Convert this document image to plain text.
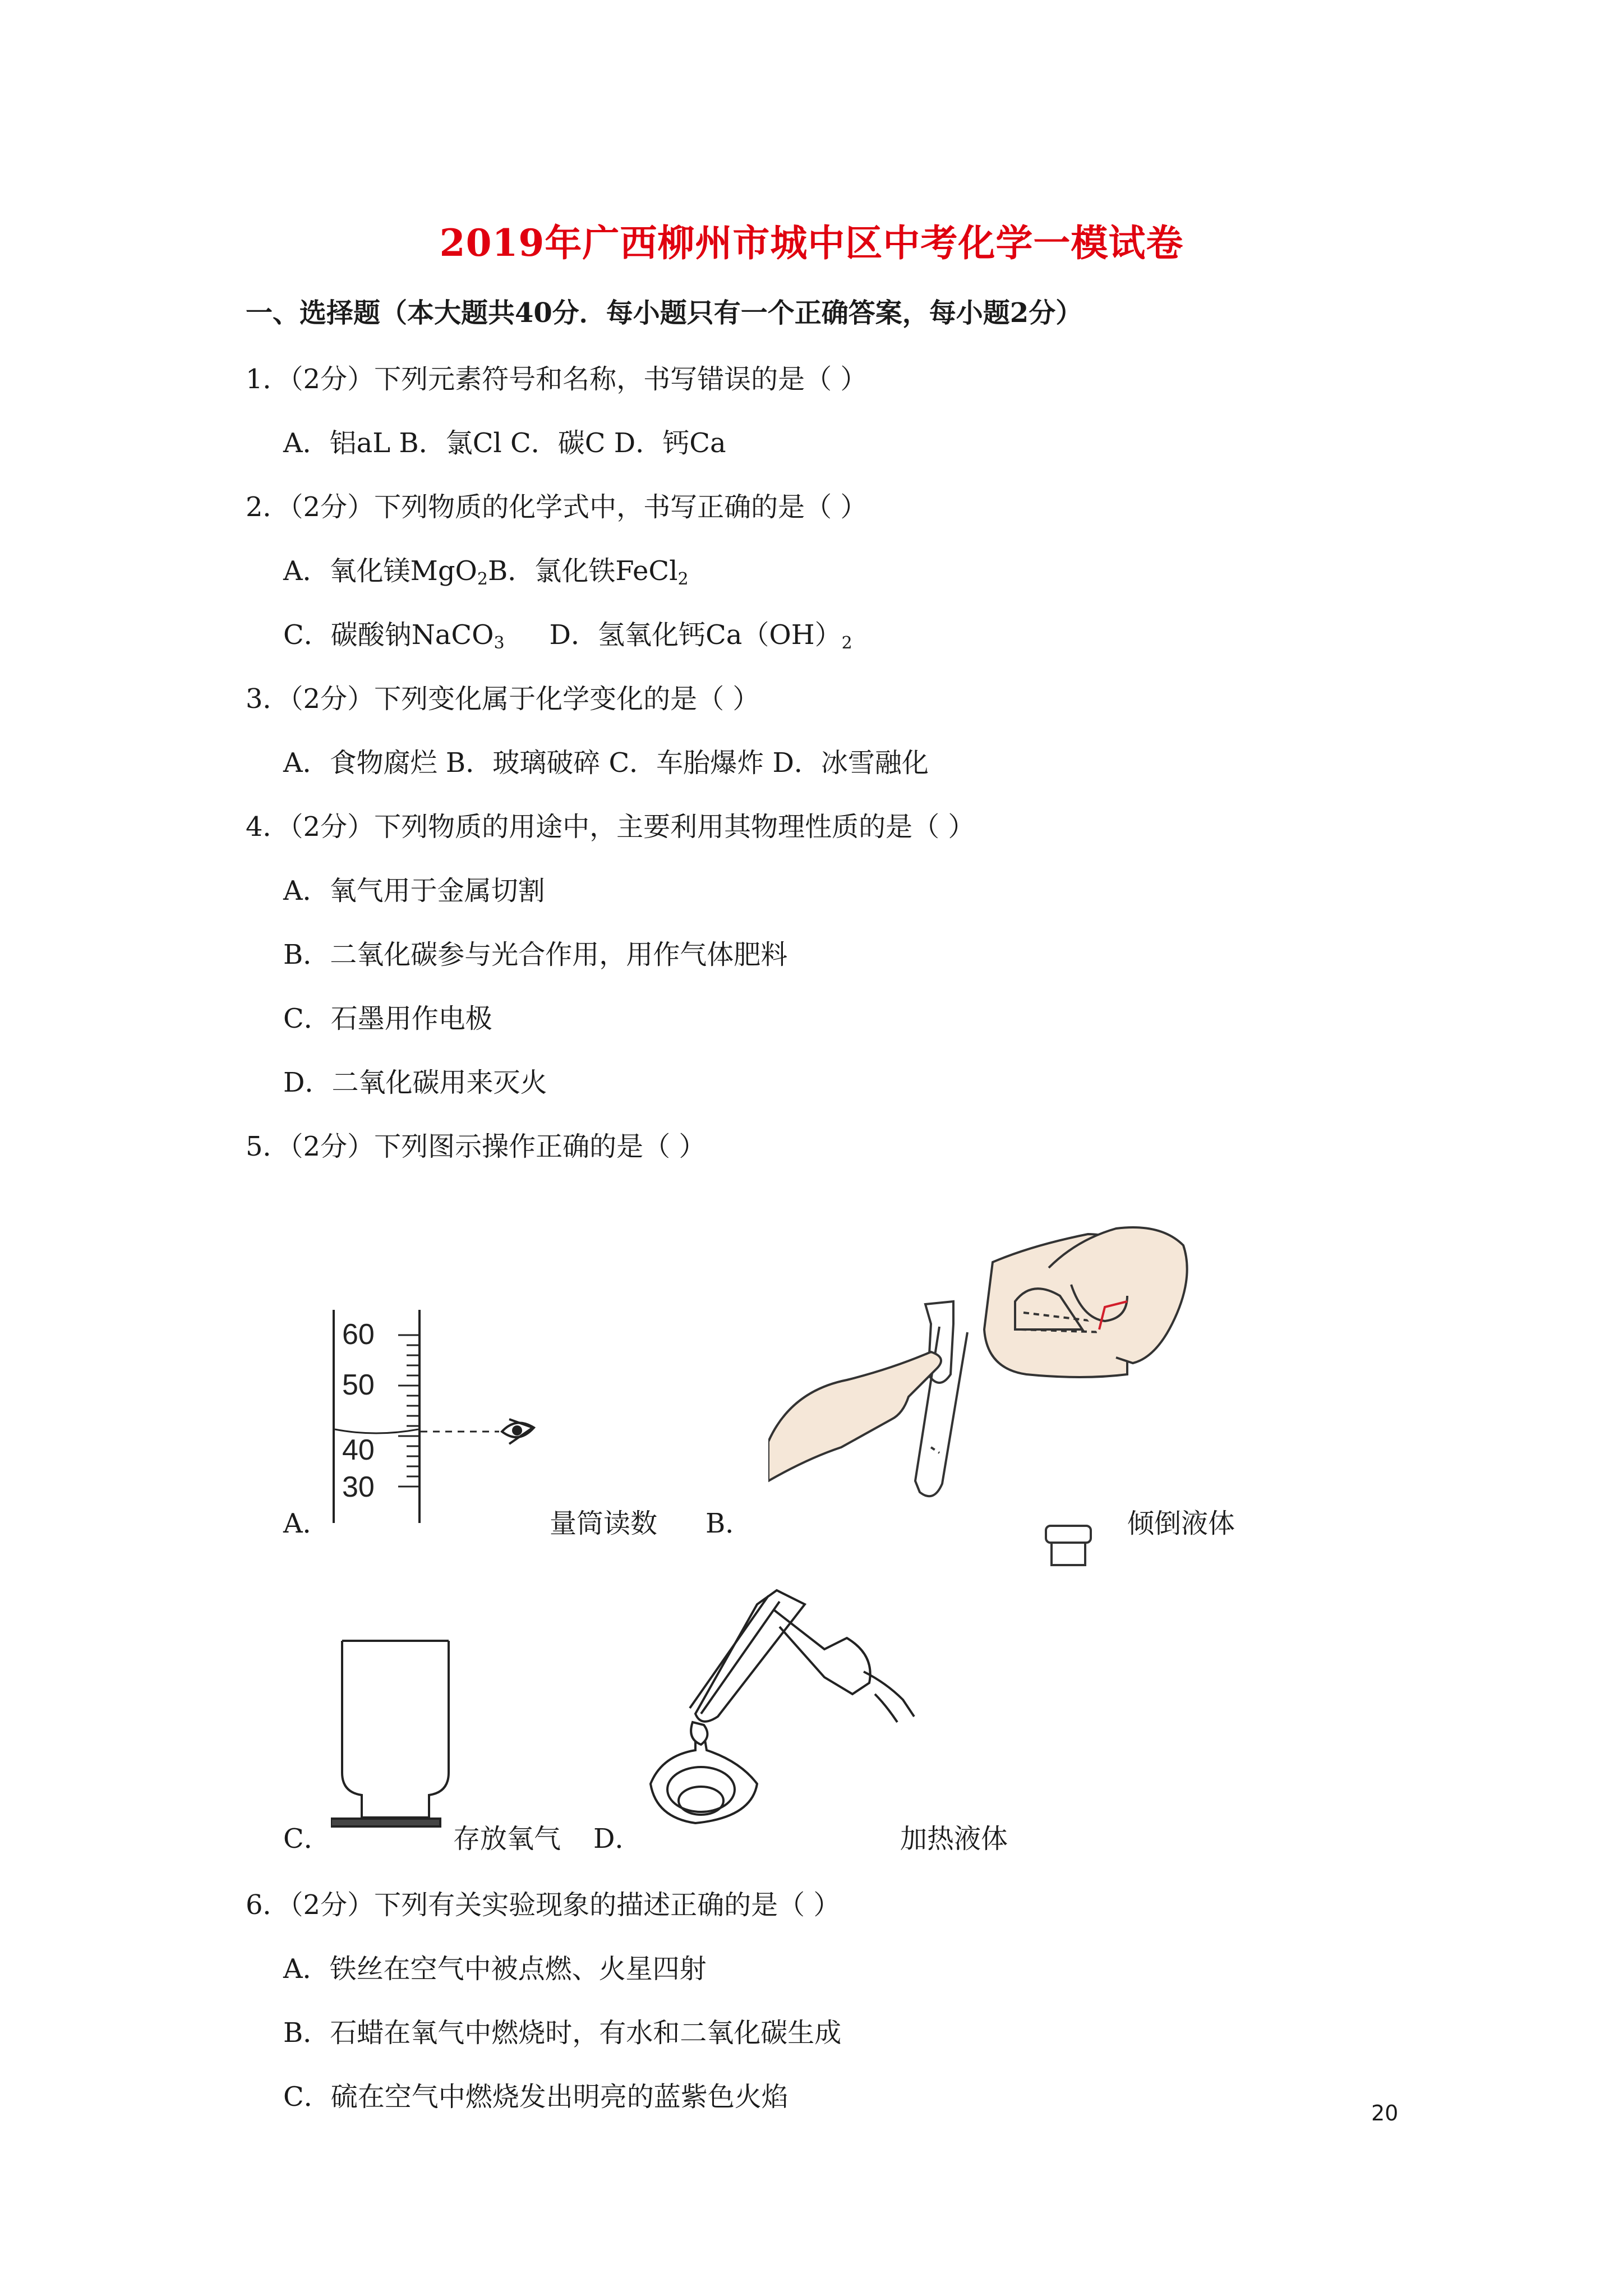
2019年广西柳州市城中区中考化学一模试卷
一、选择题（本大题共40分．每小题只有一个正确答案，每小题2分）
1．（2分）下列元素符号和名称，书写错误的是（ ）
A．铝aL B．氯Cl C．碳C D．钙Ca
2．（2分）下列物质的化学式中，书写正确的是（ ）
A．氧化镁MgO$_2$B．氯化铁FeCl$_2$
C．碳酸钠NaCO$_3$ D．氢氧化钙$Ca(OH)_2$
3．（2分）下列变化属于化学变化的是（ ）
A．食物腐烂 B．玻璃破碎 C．车胎爆炸 D．冰雪融化
4．（2分）下列物质的用途中，主要利用其物理性质的是（ ）
A．氧气用于金属切割
B．二氧化碳参与光合作用，用作气体肥料
C．石墨用作电极
D．二氧化碳用来灭火
5．（2分）下列图示操作正确的是（ ）
60
50
40
30
A．	量筒读数 B．	倾倒液体
C．	存放氧气 D．	加热液体
6．（2分）下列有关实验现象的描述正确的是（ ）
A．铁丝在空气中被点燃、火星四射
B．石蜡在氧气中燃烧时，有水和二氧化碳生成
C．硫在空气中燃烧发出明亮的蓝紫色火焰
20
